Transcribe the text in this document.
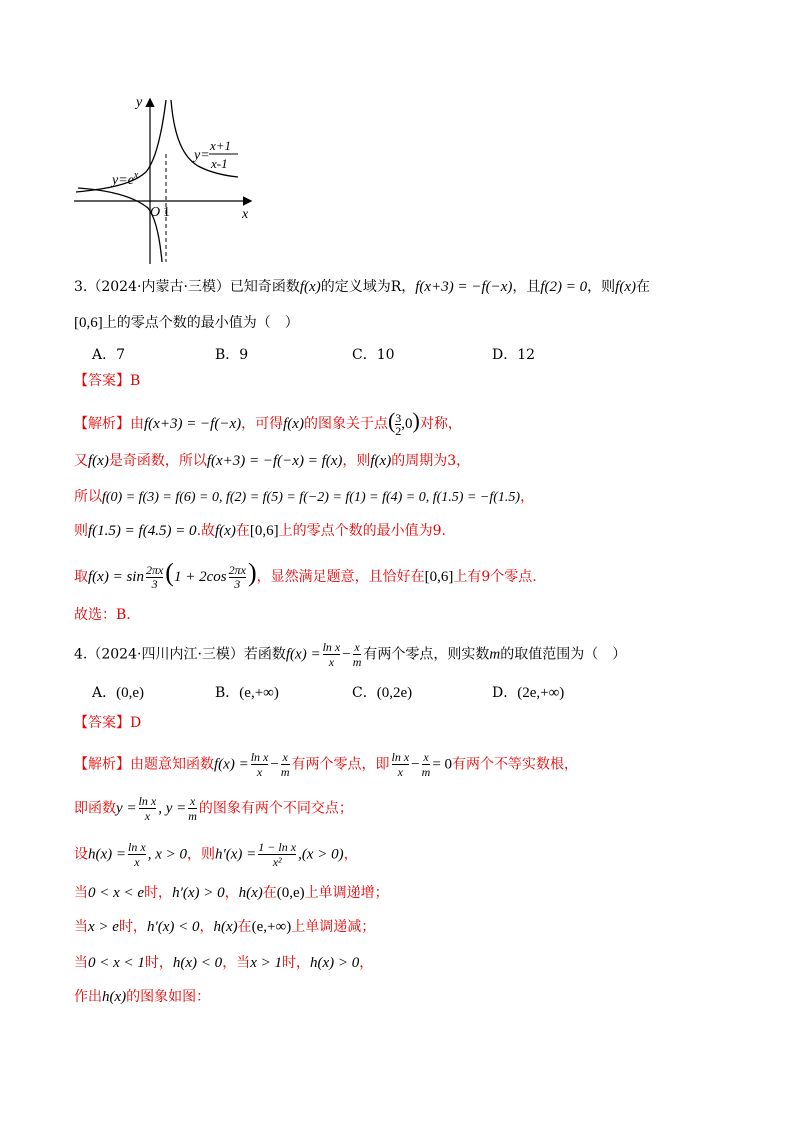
y
x
O 1
$y=e^x$
y=
x+1
x-1
3.（2024·内蒙古·三模）已知奇函数f(x)的定义域为R，f(x+3) = −f(−x)，且f(2) = 0，则f(x)在
[0,6]上的零点个数的最小值为（　）
A．7	B．9	C．10	D．12
【答案】B
【解析】由f(x+3) = −f(−x)，可得f(x)的图象关于点( $\frac{3}{2} ,0$)对称，
又f(x)是奇函数，所以f(x+3) = −f(−x) = f(x)，则f(x)的周期为3，
所以f(0) = f(3) = f(6) = 0, f(2) = f(5) = f(−2) = f(1) = f(4) = 0, f(1.5) = −f(1.5)，
则f(1.5) = f(4.5) = 0.故f(x)在[0,6]上的零点个数的最小值为9.
取$f(x) = \sin \frac{2\pi x}{3} (1 + 2\cos \frac{2\pi x}{3}$ )，显然满足题意，且恰好在[0,6]上有9个零点.
故选：B.
4.（2024·四川内江·三模）若函数$f(x) = \frac{\text{ln x}}{x} - \frac{x}{m}$ 有两个零点，则实数m的取值范围为（　）
A．(0,e)	B．(e,+∞)	C．(0,2e)	D．(2e,+∞)
【答案】D
【解析】由题意知函数$f(x) = \frac{\text{ln x}}{x} - \frac{x}{m}$ 有两个零点，即 $\frac{\text{ln x}}{x} - \frac{x}{m} = 0$有两个不等实数根，
即函数$y = \frac{\text{ln x}}{x}$ , $y = \frac{x}{m}$ 的图象有两个不同交点；
设$h(x) = \frac{\text{ln x}}{x}$ , x > 0，则$h'(x) = \frac{\text{1 − ln x}}{\text{x²}} ,(x > 0)$，
当0 < x < e时，h′(x) > 0，h(x)在(0,e)上单调递增；
当x > e时，h′(x) < 0，h(x)在(e,+∞)上单调递减；
当0 < x < 1时，h(x) < 0，当x > 1时，h(x) > 0，
作出h(x)的图象如图：
